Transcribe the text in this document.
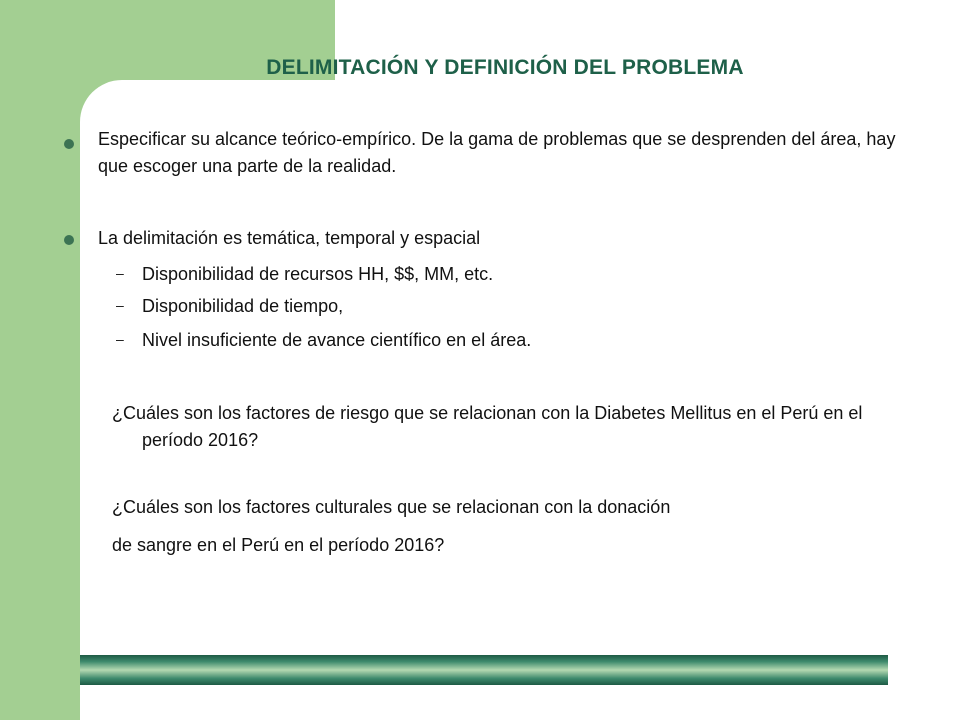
DELIMITACIÓN Y DEFINICIÓN DEL PROBLEMA
Especificar su alcance teórico-empírico. De la gama de problemas que se desprenden del área, hay que escoger una parte de la realidad.
La delimitación es temática, temporal y espacial
– Disponibilidad de recursos HH, $$, MM, etc.
– Disponibilidad de tiempo,
– Nivel insuficiente de avance científico en el área.
¿Cuáles son los factores de riesgo que se relacionan con la Diabetes Mellitus en el Perú en el período 2016?
¿Cuáles son los factores culturales que se relacionan con la donación
de sangre en el Perú en el período 2016?
